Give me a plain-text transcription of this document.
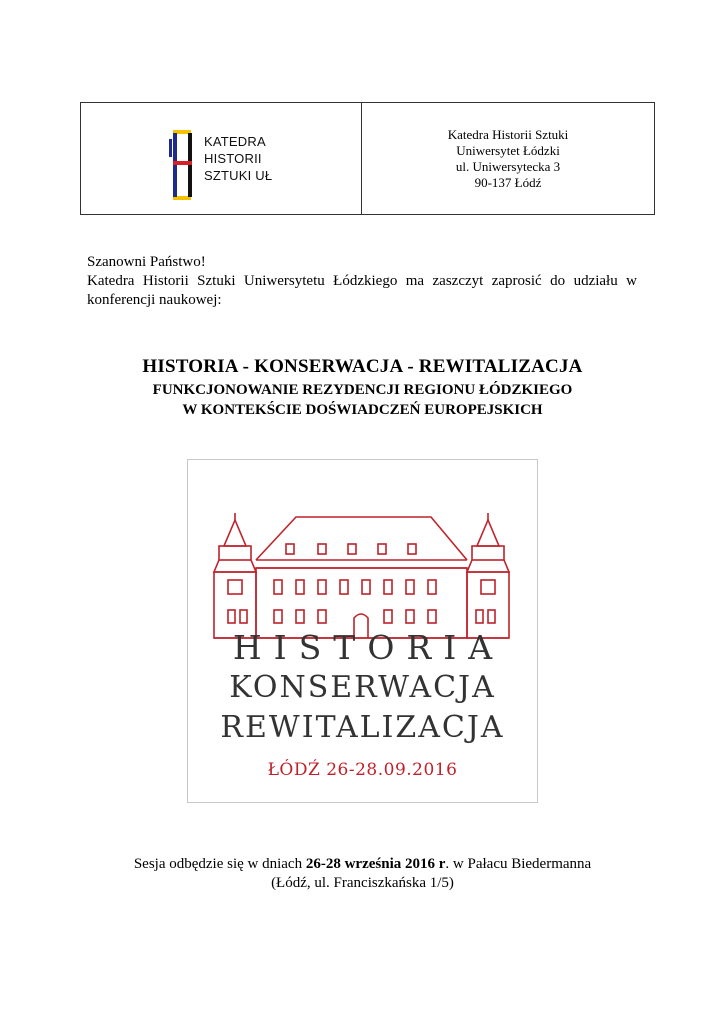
KATEDRA
HISTORII
SZTUKI UŁ
Katedra Historii Sztuki
Uniwersytet Łódzki
ul. Uniwersytecka 3
90-137 Łódź

Szanowni Państwo!

Katedra Historii Sztuki Uniwersytetu Łódzkiego ma zaszczyt zaprosić do udziału w konferencji naukowej:

HISTORIA - KONSERWACJA - REWITALIZACJA
FUNKCJONOWANIE REZYDENCJI REGIONU ŁÓDZKIEGO
W KONTEKŚCIE DOŚWIADCZEŃ EUROPEJSKICH
HISTORIA
KONSERWACJA
REWITALIZACJA
ŁÓDŹ 26-28.09.2016
Sesja odbędzie się w dniach 26-28 września 2016 r. w Pałacu Biedermanna
(Łódź, ul. Franciszkańska 1/5)
